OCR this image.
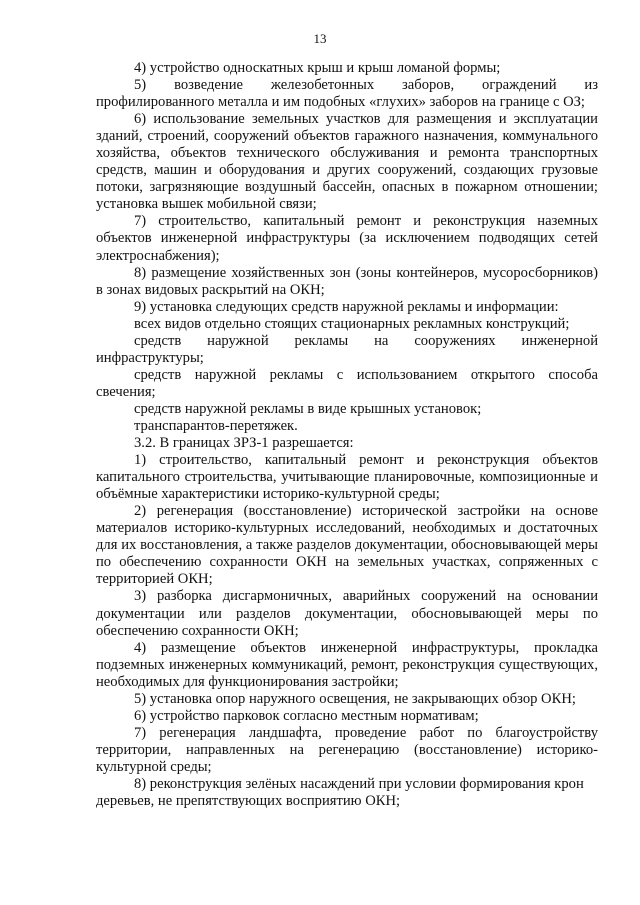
13

4) устройство односкатных крыш и крыш ломаной формы;

5) возведение железобетонных заборов, ограждений из профилированного металла и им подобных «глухих» заборов на границе с ОЗ;

6) использование земельных участков для размещения и эксплуатации зданий, строений, сооружений объектов гаражного назначения, коммунального хозяйства, объектов технического обслуживания и ремонта транспортных средств, машин и оборудования и других сооружений, создающих грузовые потоки, загрязняющие воздушный бассейн, опасных в пожарном отношении; установка вышек мобильной связи;

7) строительство, капитальный ремонт и реконструкция наземных объектов инженерной инфраструктуры (за исключением подводящих сетей электроснабжения);

8) размещение хозяйственных зон (зоны контейнеров, мусоросборников) в зонах видовых раскрытий на ОКН;

9) установка следующих средств наружной рекламы и информации:

всех видов отдельно стоящих стационарных рекламных конструкций;

средств наружной рекламы на сооружениях инженерной инфраструктуры;

средств наружной рекламы с использованием открытого способа свечения;

средств наружной рекламы в виде крышных установок;

транспарантов-перетяжек.

3.2. В границах ЗРЗ-1 разрешается:

1) строительство, капитальный ремонт и реконструкция объектов капитального строительства, учитывающие планировочные, композиционные и объёмные характеристики историко-культурной среды;

2) регенерация (восстановление) исторической застройки на основе материалов историко-культурных исследований, необходимых и достаточных для их восстановления, а также разделов документации, обосновывающей меры по обеспечению сохранности ОКН на земельных участках, сопряженных с территорией ОКН;

3) разборка дисгармоничных, аварийных сооружений на основании документации или разделов документации, обосновывающей меры по обеспечению сохранности ОКН;

4) размещение объектов инженерной инфраструктуры, прокладка подземных инженерных коммуникаций, ремонт, реконструкция существующих, необходимых для функционирования застройки;

5) установка опор наружного освещения, не закрывающих обзор ОКН;

6) устройство парковок согласно местным нормативам;

7) регенерация ландшафта, проведение работ по благоустройству территории, направленных на регенерацию (восстановление) историко-культурной среды;

8) реконструкция зелёных насаждений при условии формирования крон деревьев, не препятствующих восприятию ОКН;
